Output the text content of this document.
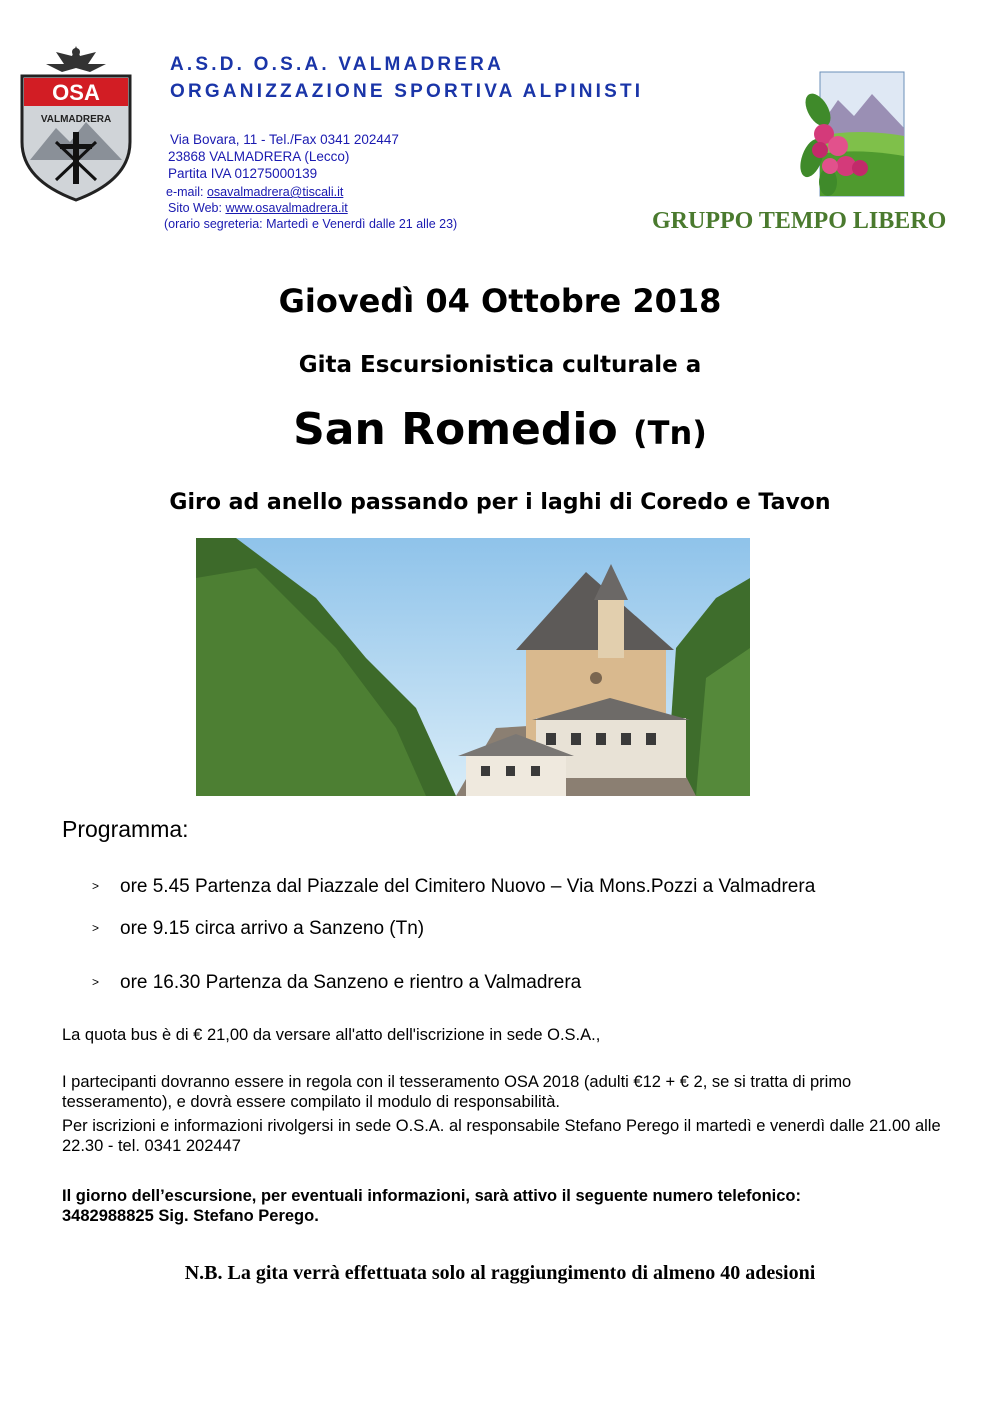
OSA
VALMADRERA
A.S.D. O.S.A. VALMADRERA
ORGANIZZAZIONE SPORTIVA ALPINISTI
Via Bovara, 11 - Tel./Fax 0341 202447
23868 VALMADRERA (Lecco)
Partita IVA 01275000139
e-mail: osavalmadrera@tiscali.it
Sito Web: www.osavalmadrera.it
(orario segreteria: Martedì e Venerdì dalle 21 alle 23)	GRUPPO TEMPO LIBERO
Giovedì 04 Ottobre 2018
Gita Escursionistica culturale a
San Romedio (Tn)
Giro ad anello passando per i laghi di Coredo e Tavon
Programma:
> ore 5.45 Partenza dal Piazzale del Cimitero Nuovo – Via Mons.Pozzi a Valmadrera
> ore 9.15 circa arrivo a Sanzeno (Tn)
> ore 16.30 Partenza da Sanzeno e rientro a Valmadrera
La quota bus è di € 21,00 da versare all'atto dell'iscrizione in sede O.S.A.,
I partecipanti dovranno essere in regola con il tesseramento OSA 2018 (adulti €12 + € 2, se si tratta di primo tesseramento), e dovrà essere compilato il modulo di responsabilità.
Per iscrizioni e informazioni rivolgersi in sede O.S.A. al responsabile Stefano Perego il martedì e venerdì dalle 21.00 alle 22.30 - tel. 0341 202447
Il giorno dell’escursione, per eventuali informazioni, sarà attivo il seguente numero telefonico:
3482988825 Sig. Stefano Perego.
N.B. La gita verrà effettuata solo al raggiungimento di almeno 40 adesioni
